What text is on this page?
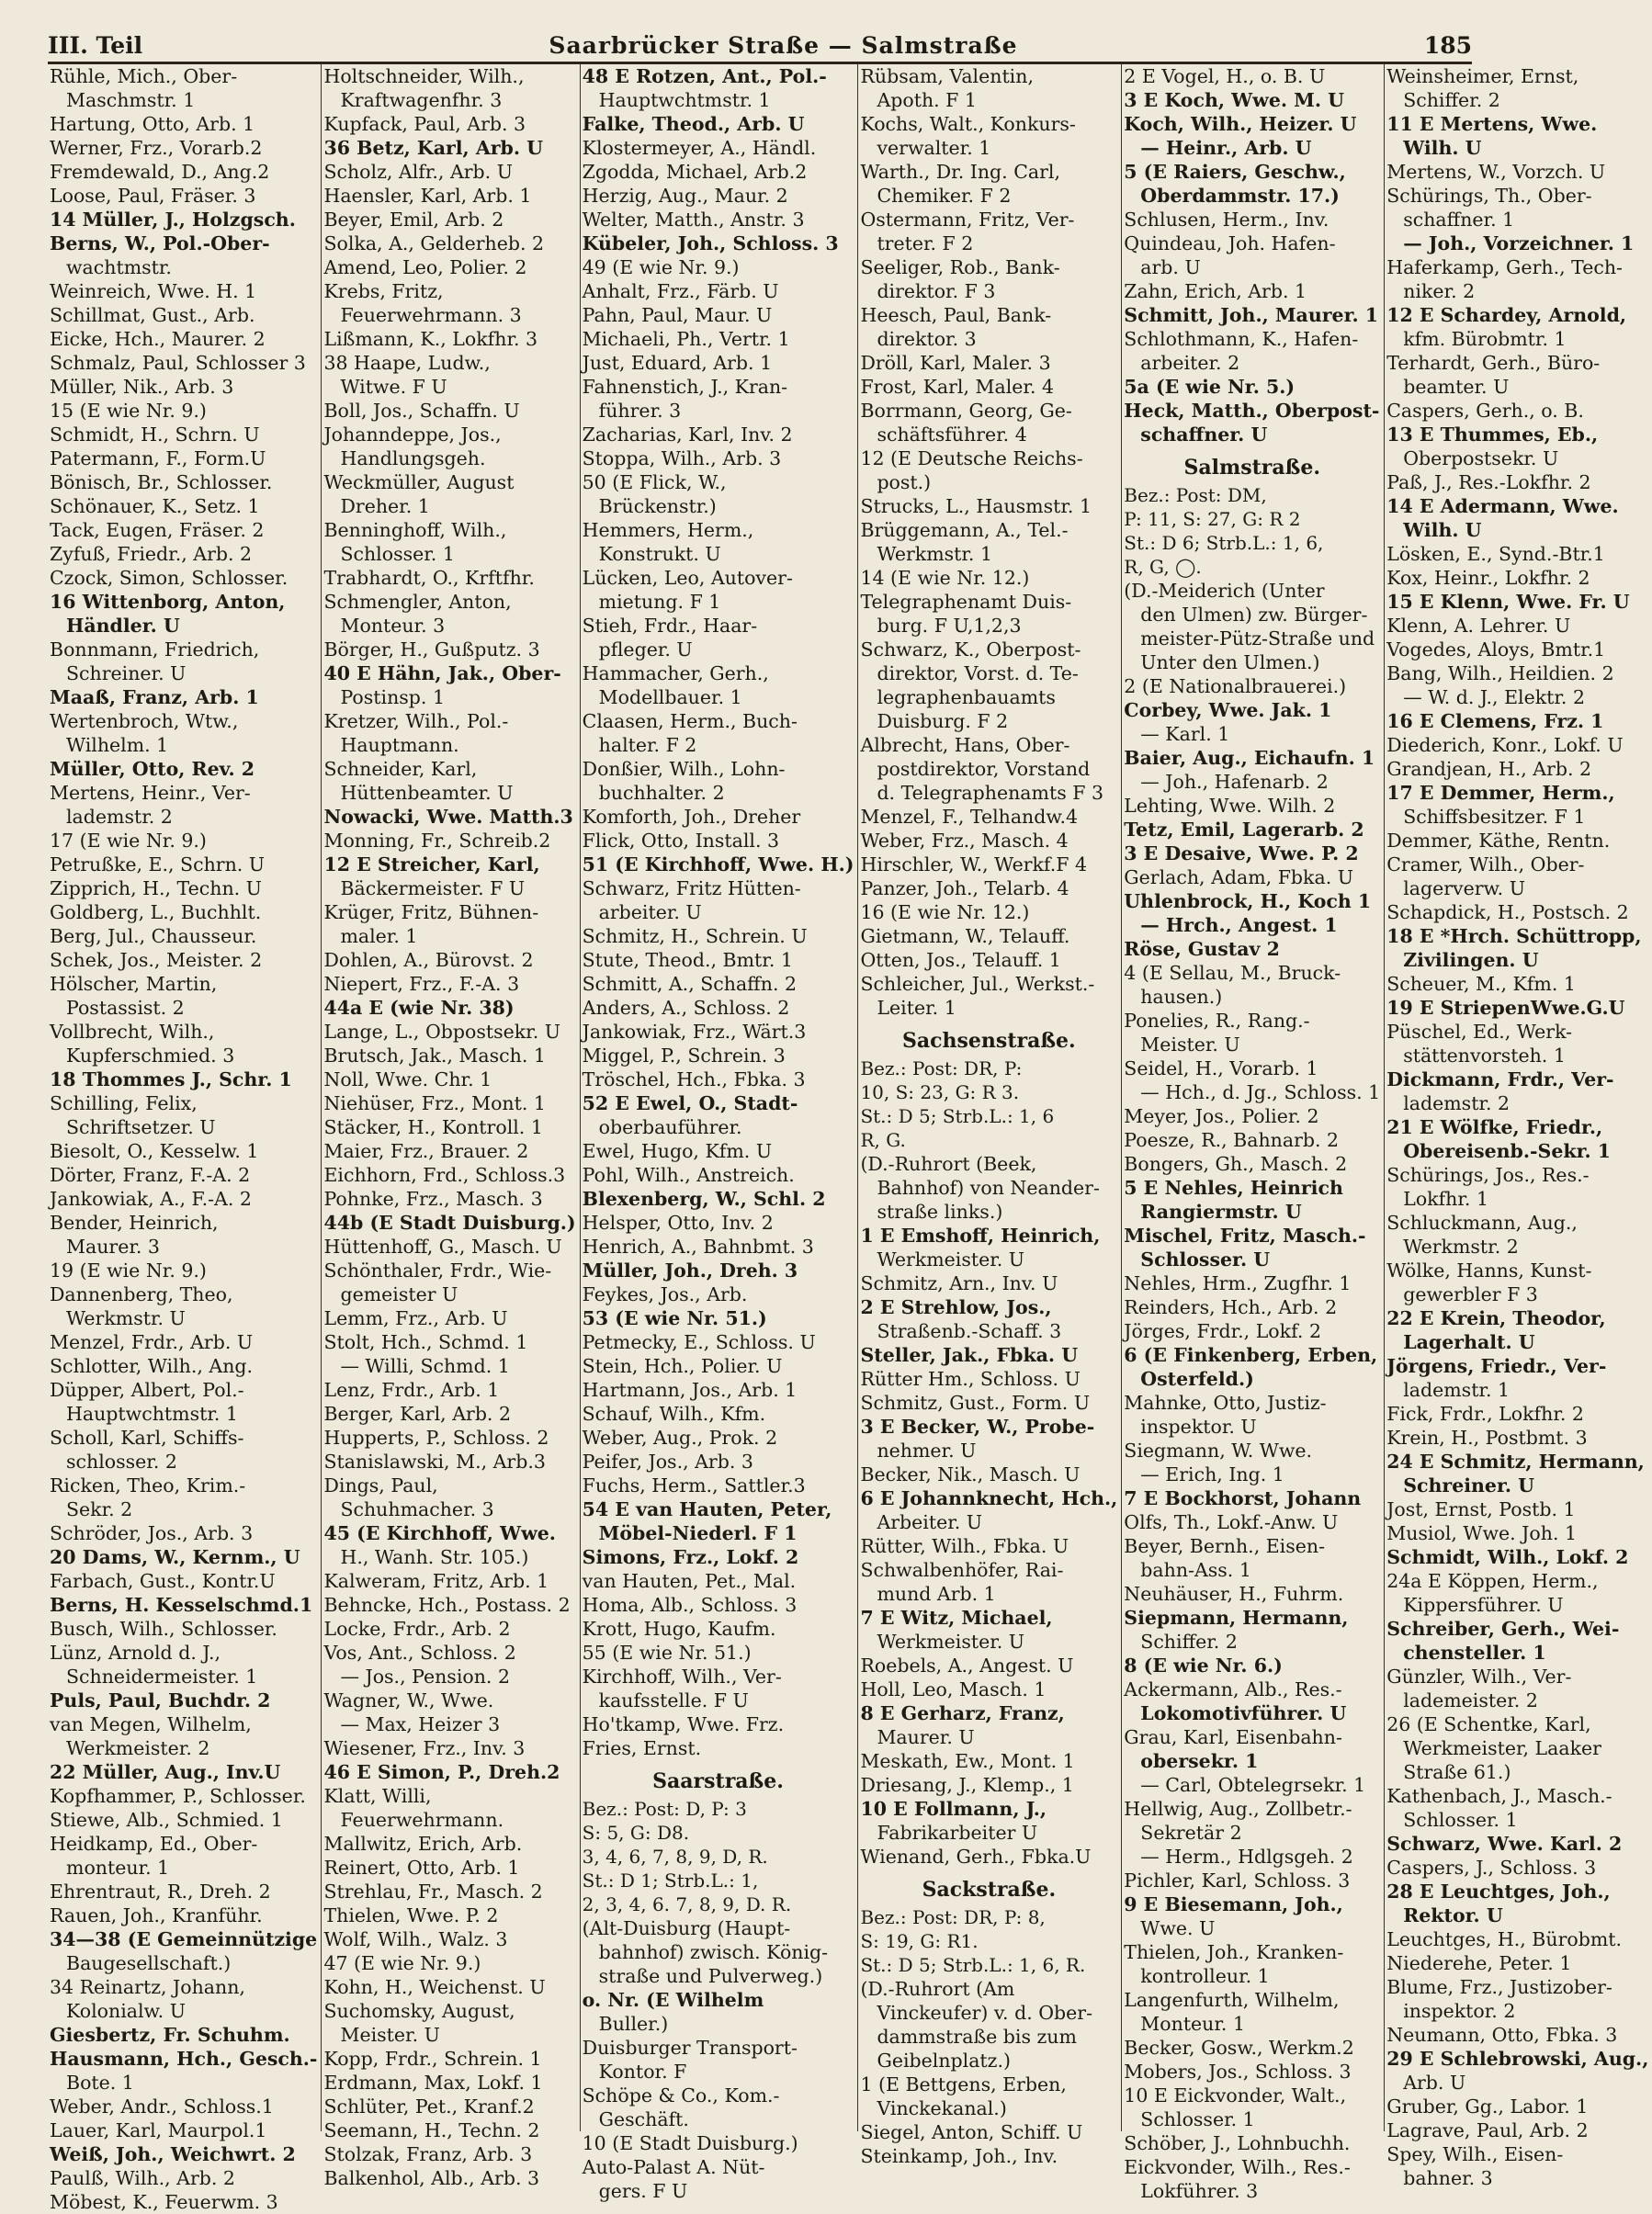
III. Teil	Saarbrücker Straße — Salmstraße	185
Rühle, Mich., Ober-
Maschmstr. 1
Hartung, Otto, Arb. 1
Werner, Frz., Vorarb.2
Fremdewald, D., Ang.2
Loose, Paul, Fräser. 3
14 Müller, J., Holzgsch.
Berns, W., Pol.-Ober-
wachtmstr.
Weinreich, Wwe. H. 1
Schillmat, Gust., Arb.
Eicke, Hch., Maurer. 2
Schmalz, Paul, Schlosser 3
Müller, Nik., Arb. 3
15 (E wie Nr. 9.)
Schmidt, H., Schrn. U
Patermann, F., Form.U
Bönisch, Br., Schlosser.
Schönauer, K., Setz. 1
Tack, Eugen, Fräser. 2
Zyfuß, Friedr., Arb. 2
Czock, Simon, Schlosser.
16 Wittenborg, Anton,
Händler. U
Bonnmann, Friedrich,
Schreiner. U
Maaß, Franz, Arb. 1
Wertenbroch, Wtw.,
Wilhelm. 1
Müller, Otto, Rev. 2
Mertens, Heinr., Ver-
lademstr. 2
17 (E wie Nr. 9.)
Petrußke, E., Schrn. U
Zipprich, H., Techn. U
Goldberg, L., Buchhlt.
Berg, Jul., Chausseur.
Schek, Jos., Meister. 2
Hölscher, Martin,
Postassist. 2
Vollbrecht, Wilh.,
Kupferschmied. 3
18 Thommes J., Schr. 1
Schilling, Felix,
Schriftsetzer. U
Biesolt, O., Kesselw. 1
Dörter, Franz, F.-A. 2
Jankowiak, A., F.-A. 2
Bender, Heinrich,
Maurer. 3
19 (E wie Nr. 9.)
Dannenberg, Theo,
Werkmstr. U
Menzel, Frdr., Arb. U
Schlotter, Wilh., Ang.
Düpper, Albert, Pol.-
Hauptwchtmstr. 1
Scholl, Karl, Schiffs-
schlosser. 2
Ricken, Theo, Krim.-
Sekr. 2
Schröder, Jos., Arb. 3
20 Dams, W., Kernm., U
Farbach, Gust., Kontr.U
Berns, H. Kesselschmd.1
Busch, Wilh., Schlosser.
Lünz, Arnold d. J.,
Schneidermeister. 1
Puls, Paul, Buchdr. 2
van Megen, Wilhelm,
Werkmeister. 2
22 Müller, Aug., Inv.U
Kopfhammer, P., Schlosser.
Stiewe, Alb., Schmied. 1
Heidkamp, Ed., Ober-
monteur. 1
Ehrentraut, R., Dreh. 2
Rauen, Joh., Kranführ.
34—38 (E Gemeinnützige
Baugesellschaft.)
34 Reinartz, Johann,
Kolonialw. U
Giesbertz, Fr. Schuhm.
Hausmann, Hch., Gesch.-
Bote. 1
Weber, Andr., Schloss.1
Lauer, Karl, Maurpol.1
Weiß, Joh., Weichwrt. 2
Paulß, Wilh., Arb. 2
Möbest, K., Feuerwm. 3
Holtschneider, Wilh.,
Kraftwagenfhr. 3
Kupfack, Paul, Arb. 3
36 Betz, Karl, Arb. U
Scholz, Alfr., Arb. U
Haensler, Karl, Arb. 1
Beyer, Emil, Arb. 2
Solka, A., Gelderheb. 2
Amend, Leo, Polier. 2
Krebs, Fritz,
Feuerwehrmann. 3
Lißmann, K., Lokfhr. 3
38 Haape, Ludw.,
Witwe. F U
Boll, Jos., Schaffn. U
Johanndeppe, Jos.,
Handlungsgeh.
Weckmüller, August
Dreher. 1
Benninghoff, Wilh.,
Schlosser. 1
Trabhardt, O., Krftfhr.
Schmengler, Anton,
Monteur. 3
Börger, H., Gußputz. 3
40 E Hähn, Jak., Ober-
Postinsp. 1
Kretzer, Wilh., Pol.-
Hauptmann.
Schneider, Karl,
Hüttenbeamter. U
Nowacki, Wwe. Matth.3
Monning, Fr., Schreib.2
12 E Streicher, Karl,
Bäckermeister. F U
Krüger, Fritz, Bühnen-
maler. 1
Dohlen, A., Bürovst. 2
Niepert, Frz., F.-A. 3
44a E (wie Nr. 38)
Lange, L., Obpostsekr. U
Brutsch, Jak., Masch. 1
Noll, Wwe. Chr. 1
Niehüser, Frz., Mont. 1
Stäcker, H., Kontroll. 1
Maier, Frz., Brauer. 2
Eichhorn, Frd., Schloss.3
Pohnke, Frz., Masch. 3
44b (E Stadt Duisburg.)
Hüttenhoff, G., Masch. U
Schönthaler, Frdr., Wie-
gemeister U
Lemm, Frz., Arb. U
Stolt, Hch., Schmd. 1
— Willi, Schmd. 1
Lenz, Frdr., Arb. 1
Berger, Karl, Arb. 2
Hupperts, P., Schloss. 2
Stanislawski, M., Arb.3
Dings, Paul,
Schuhmacher. 3
45 (E Kirchhoff, Wwe.
H., Wanh. Str. 105.)
Kalweram, Fritz, Arb. 1
Behncke, Hch., Postass. 2
Locke, Frdr., Arb. 2
Vos, Ant., Schloss. 2
— Jos., Pension. 2
Wagner, W., Wwe.
— Max, Heizer 3
Wiesener, Frz., Inv. 3
46 E Simon, P., Dreh.2
Klatt, Willi,
Feuerwehrmann.
Mallwitz, Erich, Arb.
Reinert, Otto, Arb. 1
Strehlau, Fr., Masch. 2
Thielen, Wwe. P. 2
Wolf, Wilh., Walz. 3
47 (E wie Nr. 9.)
Kohn, H., Weichenst. U
Suchomsky, August,
Meister. U
Kopp, Frdr., Schrein. 1
Erdmann, Max, Lokf. 1
Schlüter, Pet., Kranf.2
Seemann, H., Techn. 2
Stolzak, Franz, Arb. 3
Balkenhol, Alb., Arb. 3
48 E Rotzen, Ant., Pol.-
Hauptwchtmstr. 1
Falke, Theod., Arb. U
Klostermeyer, A., Händl.
Zgodda, Michael, Arb.2
Herzig, Aug., Maur. 2
Welter, Matth., Anstr. 3
Kübeler, Joh., Schloss. 3
49 (E wie Nr. 9.)
Anhalt, Frz., Färb. U
Pahn, Paul, Maur. U
Michaeli, Ph., Vertr. 1
Just, Eduard, Arb. 1
Fahnenstich, J., Kran-
führer. 3
Zacharias, Karl, Inv. 2
Stoppa, Wilh., Arb. 3
50 (E Flick, W.,
Brückenstr.)
Hemmers, Herm.,
Konstrukt. U
Lücken, Leo, Autover-
mietung. F 1
Stieh, Frdr., Haar-
pfleger. U
Hammacher, Gerh.,
Modellbauer. 1
Claasen, Herm., Buch-
halter. F 2
Donßier, Wilh., Lohn-
buchhalter. 2
Komforth, Joh., Dreher
Flick, Otto, Install. 3
51 (E Kirchhoff, Wwe. H.)
Schwarz, Fritz Hütten-
arbeiter. U
Schmitz, H., Schrein. U
Stute, Theod., Bmtr. 1
Schmitt, A., Schaffn. 2
Anders, A., Schloss. 2
Jankowiak, Frz., Wärt.3
Miggel, P., Schrein. 3
Tröschel, Hch., Fbka. 3
52 E Ewel, O., Stadt-
oberbauführer.
Ewel, Hugo, Kfm. U
Pohl, Wilh., Anstreich.
Blexenberg, W., Schl. 2
Helsper, Otto, Inv. 2
Henrich, A., Bahnbmt. 3
Müller, Joh., Dreh. 3
Feykes, Jos., Arb.
53 (E wie Nr. 51.)
Petmecky, E., Schloss. U
Stein, Hch., Polier. U
Hartmann, Jos., Arb. 1
Schauf, Wilh., Kfm.
Weber, Aug., Prok. 2
Peifer, Jos., Arb. 3
Fuchs, Herm., Sattler.3
54 E van Hauten, Peter,
Möbel-Niederl. F 1
Simons, Frz., Lokf. 2
van Hauten, Pet., Mal.
Homa, Alb., Schloss. 3
Krott, Hugo, Kaufm.
55 (E wie Nr. 51.)
Kirchhoff, Wilh., Ver-
kaufsstelle. F U
Ho'tkamp, Wwe. Frz.
Fries, Ernst.
Saarstraße.
Bez.: Post: D, P: 3
S: 5, G: D8.
3, 4, 6, 7, 8, 9, D, R.
St.: D 1; Strb.L.: 1,
2, 3, 4, 6. 7, 8, 9, D. R.
(Alt-Duisburg (Haupt-
bahnhof) zwisch. König-
straße und Pulverweg.)
o. Nr. (E Wilhelm
Buller.)
Duisburger Transport-
Kontor. F
Schöpe & Co., Kom.-
Geschäft.
10 (E Stadt Duisburg.)
Auto-Palast A. Nüt-
gers. F U
Rübsam, Valentin,
Apoth. F 1
Kochs, Walt., Konkurs-
verwalter. 1
Warth., Dr. Ing. Carl,
Chemiker. F 2
Ostermann, Fritz, Ver-
treter. F 2
Seeliger, Rob., Bank-
direktor. F 3
Heesch, Paul, Bank-
direktor. 3
Dröll, Karl, Maler. 3
Frost, Karl, Maler. 4
Borrmann, Georg, Ge-
schäftsführer. 4
12 (E Deutsche Reichs-
post.)
Strucks, L., Hausmstr. 1
Brüggemann, A., Tel.-
Werkmstr. 1
14 (E wie Nr. 12.)
Telegraphenamt Duis-
burg. F U,1,2,3
Schwarz, K., Oberpost-
direktor, Vorst. d. Te-
legraphenbauamts
Duisburg. F 2
Albrecht, Hans, Ober-
postdirektor, Vorstand
d. Telegraphenamts F 3
Menzel, F., Telhandw.4
Weber, Frz., Masch. 4
Hirschler, W., Werkf.F 4
Panzer, Joh., Telarb. 4
16 (E wie Nr. 12.)
Gietmann, W., Telauff.
Otten, Jos., Telauff. 1
Schleicher, Jul., Werkst.-
Leiter. 1
Sachsenstraße.
Bez.: Post: DR, P:
10, S: 23, G: R 3.
St.: D 5; Strb.L.: 1, 6
R, G.
(D.-Ruhrort (Beek,
Bahnhof) von Neander-
straße links.)
1 E Emshoff, Heinrich,
Werkmeister. U
Schmitz, Arn., Inv. U
2 E Strehlow, Jos.,
Straßenb.-Schaff. 3
Steller, Jak., Fbka. U
Rütter Hm., Schloss. U
Schmitz, Gust., Form. U
3 E Becker, W., Probe-
nehmer. U
Becker, Nik., Masch. U
6 E Johannknecht, Hch.,
Arbeiter. U
Rütter, Wilh., Fbka. U
Schwalbenhöfer, Rai-
mund Arb. 1
7 E Witz, Michael,
Werkmeister. U
Roebels, A., Angest. U
Holl, Leo, Masch. 1
8 E Gerharz, Franz,
Maurer. U
Meskath, Ew., Mont. 1
Driesang, J., Klemp., 1
10 E Follmann, J.,
Fabrikarbeiter U
Wienand, Gerh., Fbka.U
Sackstraße.
Bez.: Post: DR, P: 8,
S: 19, G: R1.
St.: D 5; Strb.L.: 1, 6, R.
(D.-Ruhrort (Am
Vinckeufer) v. d. Ober-
dammstraße bis zum
Geibelnplatz.)
1 (E Bettgens, Erben,
Vinckekanal.)
Siegel, Anton, Schiff. U
Steinkamp, Joh., Inv.
2 E Vogel, H., o. B. U
3 E Koch, Wwe. M. U
Koch, Wilh., Heizer. U
— Heinr., Arb. U
5 (E Raiers, Geschw.,
Oberdammstr. 17.)
Schlusen, Herm., Inv.
Quindeau, Joh. Hafen-
arb. U
Zahn, Erich, Arb. 1
Schmitt, Joh., Maurer. 1
Schlothmann, K., Hafen-
arbeiter. 2
5a (E wie Nr. 5.)
Heck, Matth., Oberpost-
schaffner. U
Salmstraße.
Bez.: Post: DM,
P: 11, S: 27, G: R 2
St.: D 6; Strb.L.: 1, 6,
R, G, ◯.
(D.-Meiderich (Unter
den Ulmen) zw. Bürger-
meister-Pütz-Straße und
Unter den Ulmen.)
2 (E Nationalbrauerei.)
Corbey, Wwe. Jak. 1
— Karl. 1
Baier, Aug., Eichaufn. 1
— Joh., Hafenarb. 2
Lehting, Wwe. Wilh. 2
Tetz, Emil, Lagerarb. 2
3 E Desaive, Wwe. P. 2
Gerlach, Adam, Fbka. U
Uhlenbrock, H., Koch 1
— Hrch., Angest. 1
Röse, Gustav 2
4 (E Sellau, M., Bruck-
hausen.)
Ponelies, R., Rang.-
Meister. U
Seidel, H., Vorarb. 1
— Hch., d. Jg., Schloss. 1
Meyer, Jos., Polier. 2
Poesze, R., Bahnarb. 2
Bongers, Gh., Masch. 2
5 E Nehles, Heinrich
Rangiermstr. U
Mischel, Fritz, Masch.-
Schlosser. U
Nehles, Hrm., Zugfhr. 1
Reinders, Hch., Arb. 2
Jörges, Frdr., Lokf. 2
6 (E Finkenberg, Erben,
Osterfeld.)
Mahnke, Otto, Justiz-
inspektor. U
Siegmann, W. Wwe.
— Erich, Ing. 1
7 E Bockhorst, Johann
Olfs, Th., Lokf.-Anw. U
Beyer, Bernh., Eisen-
bahn-Ass. 1
Neuhäuser, H., Fuhrm.
Siepmann, Hermann,
Schiffer. 2
8 (E wie Nr. 6.)
Ackermann, Alb., Res.-
Lokomotivführer. U
Grau, Karl, Eisenbahn-
obersekr. 1
— Carl, Obtelegrsekr. 1
Hellwig, Aug., Zollbetr.-
Sekretär 2
— Herm., Hdlgsgeh. 2
Pichler, Karl, Schloss. 3
9 E Biesemann, Joh.,
Wwe. U
Thielen, Joh., Kranken-
kontrolleur. 1
Langenfurth, Wilhelm,
Monteur. 1
Becker, Gosw., Werkm.2
Mobers, Jos., Schloss. 3
10 E Eickvonder, Walt.,
Schlosser. 1
Schöber, J., Lohnbuchh.
Eickvonder, Wilh., Res.-
Lokführer. 3
Weinsheimer, Ernst,
Schiffer. 2
11 E Mertens, Wwe.
Wilh. U
Mertens, W., Vorzch. U
Schürings, Th., Ober-
schaffner. 1
— Joh., Vorzeichner. 1
Haferkamp, Gerh., Tech-
niker. 2
12 E Schardey, Arnold,
kfm. Bürobmtr. 1
Terhardt, Gerh., Büro-
beamter. U
Caspers, Gerh., o. B.
13 E Thummes, Eb.,
Oberpostsekr. U
Paß, J., Res.-Lokfhr. 2
14 E Adermann, Wwe.
Wilh. U
Lösken, E., Synd.-Btr.1
Kox, Heinr., Lokfhr. 2
15 E Klenn, Wwe. Fr. U
Klenn, A. Lehrer. U
Vogedes, Aloys, Bmtr.1
Bang, Wilh., Heildien. 2
— W. d. J., Elektr. 2
16 E Clemens, Frz. 1
Diederich, Konr., Lokf. U
Grandjean, H., Arb. 2
17 E Demmer, Herm.,
Schiffsbesitzer. F 1
Demmer, Käthe, Rentn.
Cramer, Wilh., Ober-
lagerverw. U
Schapdick, H., Postsch. 2
18 E *Hrch. Schüttropp,
Zivilingen. U
Scheuer, M., Kfm. 1
19 E StriepenWwe.G.U
Püschel, Ed., Werk-
stättenvorsteh. 1
Dickmann, Frdr., Ver-
lademstr. 2
21 E Wölfke, Friedr.,
Obereisenb.-Sekr. 1
Schürings, Jos., Res.-
Lokfhr. 1
Schluckmann, Aug.,
Werkmstr. 2
Wölke, Hanns, Kunst-
gewerbler F 3
22 E Krein, Theodor,
Lagerhalt. U
Jörgens, Friedr., Ver-
lademstr. 1
Fick, Frdr., Lokfhr. 2
Krein, H., Postbmt. 3
24 E Schmitz, Hermann,
Schreiner. U
Jost, Ernst, Postb. 1
Musiol, Wwe. Joh. 1
Schmidt, Wilh., Lokf. 2
24a E Köppen, Herm.,
Kippersführer. U
Schreiber, Gerh., Wei-
chensteller. 1
Günzler, Wilh., Ver-
lademeister. 2
26 (E Schentke, Karl,
Werkmeister, Laaker
Straße 61.)
Kathenbach, J., Masch.-
Schlosser. 1
Schwarz, Wwe. Karl. 2
Caspers, J., Schloss. 3
28 E Leuchtges, Joh.,
Rektor. U
Leuchtges, H., Bürobmt.
Niederehe, Peter. 1
Blume, Frz., Justizober-
inspektor. 2
Neumann, Otto, Fbka. 3
29 E Schlebrowski, Aug.,
Arb. U
Gruber, Gg., Labor. 1
Lagrave, Paul, Arb. 2
Spey, Wilh., Eisen-
bahner. 3
